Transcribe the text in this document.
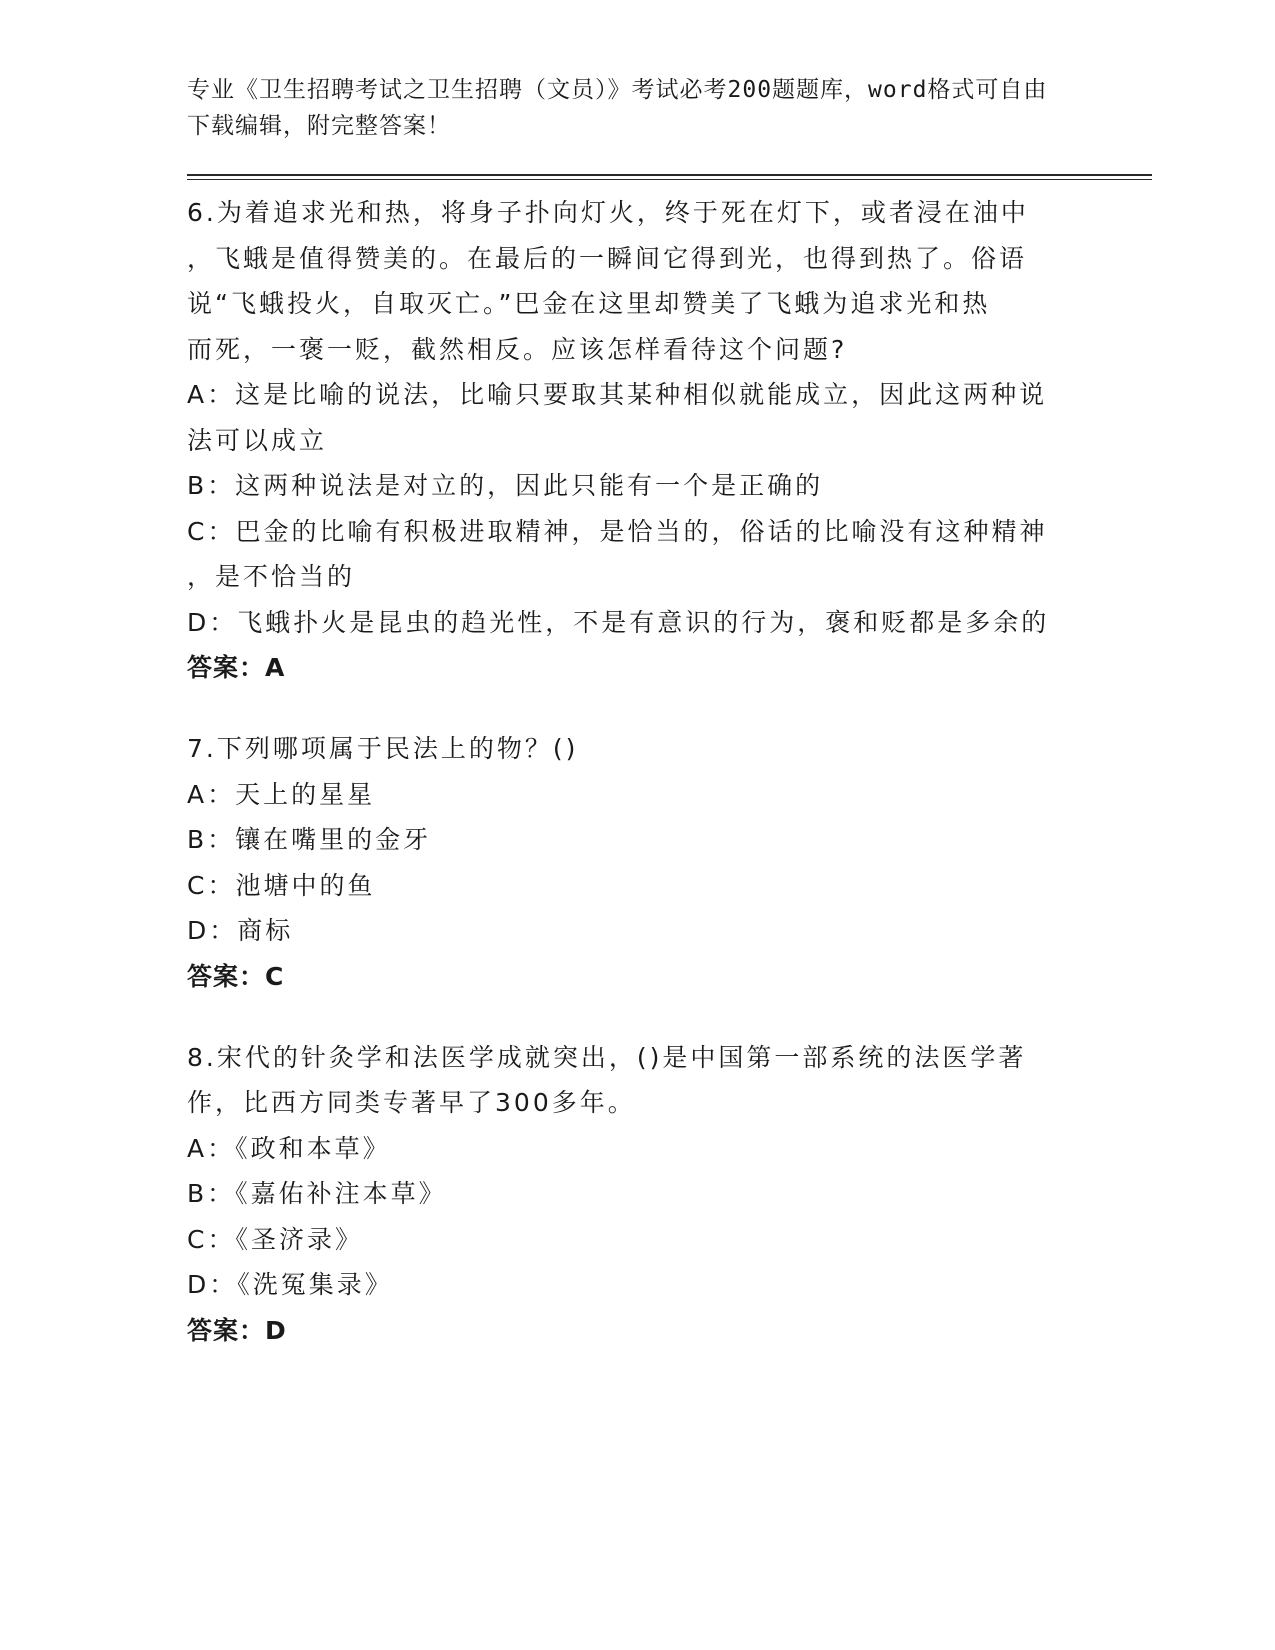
专业《卫生招聘考试之卫生招聘（文员）》考试必考200题题库，word格式可自由下载编辑，附完整答案！
6.为着追求光和热，将身子扑向灯火，终于死在灯下，或者浸在油中
，飞蛾是值得赞美的。在最后的一瞬间它得到光，也得到热了。俗语
说“飞蛾投火，自取灭亡。”巴金在这里却赞美了飞蛾为追求光和热
而死，一褒一贬，截然相反。应该怎样看待这个问题?
A：这是比喻的说法，比喻只要取其某种相似就能成立，因此这两种说
法可以成立
B：这两种说法是对立的，因此只能有一个是正确的
C：巴金的比喻有积极进取精神，是恰当的，俗话的比喻没有这种精神
，是不恰当的
D：飞蛾扑火是昆虫的趋光性，不是有意识的行为，褒和贬都是多余的
答案：A
7.下列哪项属于民法上的物？()
A：天上的星星
B：镶在嘴里的金牙
C：池塘中的鱼
D：商标
答案：C
8.宋代的针灸学和法医学成就突出，()是中国第一部系统的法医学著
作，比西方同类专著早了300多年。
A：《政和本草》
B：《嘉佑补注本草》
C：《圣济录》
D：《洗冤集录》
答案：D
